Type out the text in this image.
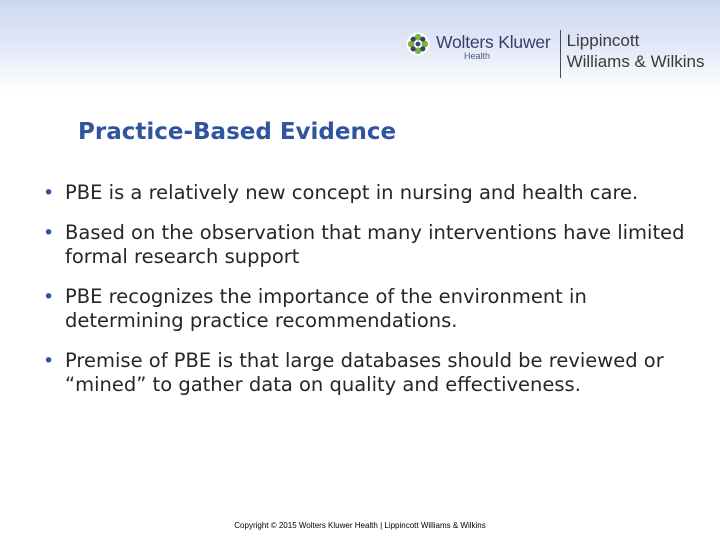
Wolters Kluwer
Health
Lippincott
Williams & Wilkins
Practice-Based Evidence
• PBE is a relatively new concept in nursing and health care.
• Based on the observation that many interventions have limited formal research support
• PBE recognizes the importance of the environment in determining practice recommendations.
• Premise of PBE is that large databases should be reviewed or “mined” to gather data on quality and effectiveness.
Copyright © 2015 Wolters Kluwer Health | Lippincott Williams & Wilkins
